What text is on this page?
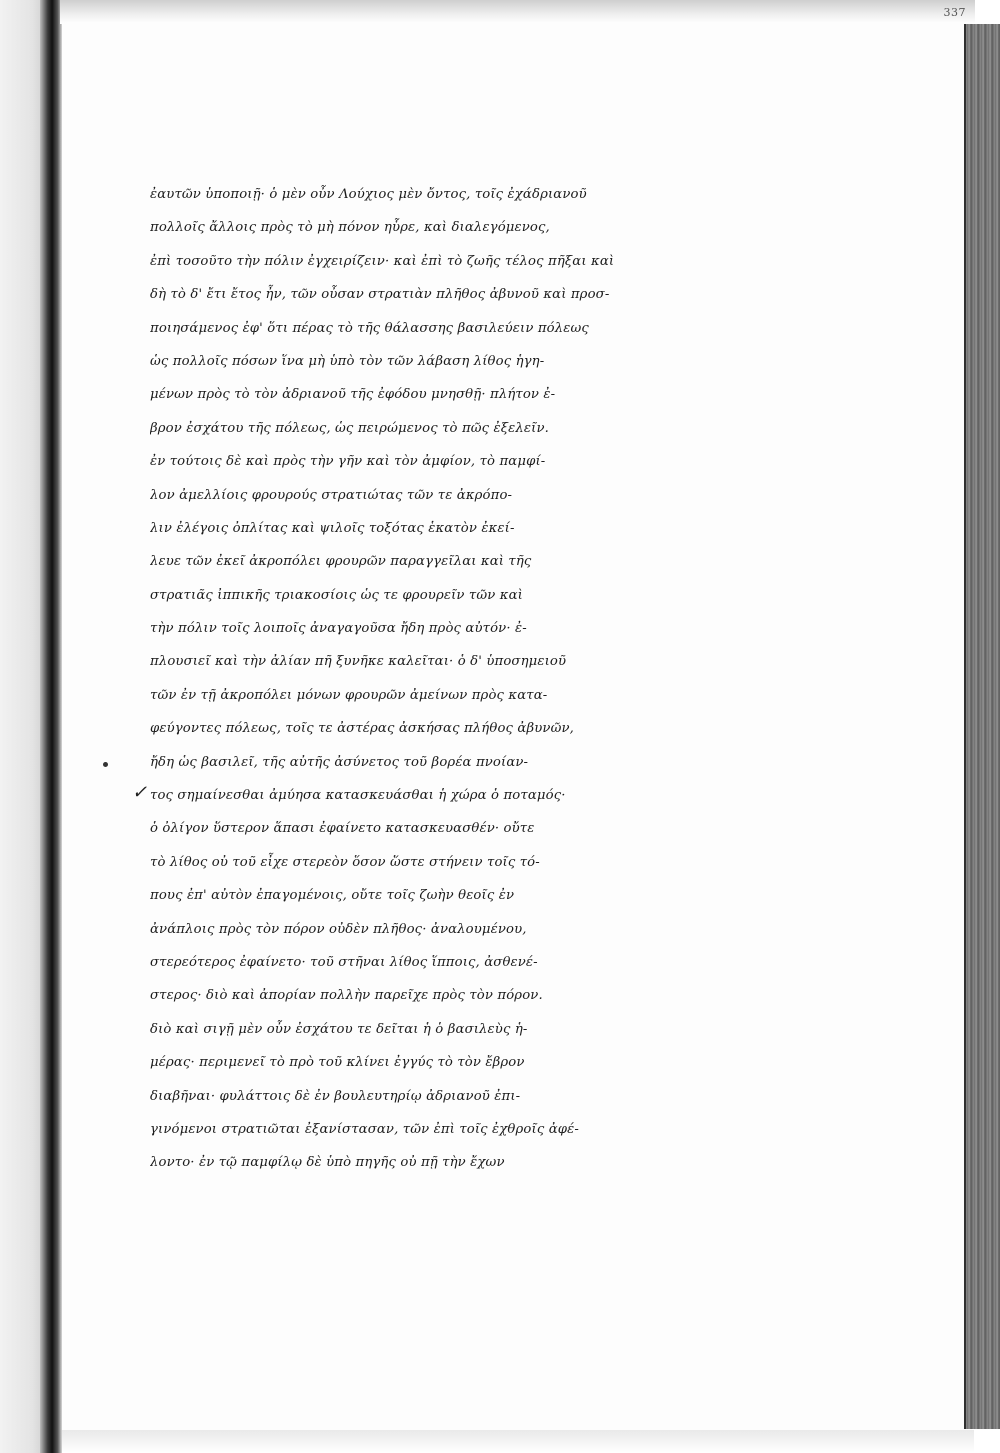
337
✓
ἐαυτῶν ὑποποιῇ· ὁ μὲν οὖν Λούχιος μὲν ὄντος, τοῖς ἐχάδριανοῦ
πολλοῖς ἄλλοις πρὸς τὸ μὴ πόνον ηὗρε, καὶ διαλεγόμενος,
ἐπὶ τοσοῦτο τὴν πόλιν ἐγχειρίζειν· καὶ ἐπὶ τὸ ζωῆς τέλος πῆξαι καὶ
δὴ τὸ δ' ἔτι ἔτος ἦν, τῶν οὖσαν στρατιὰν πλῆθος ἀβυνοῦ καὶ προσ-
ποιησάμενος ἐφ' ὅτι πέρας τὸ τῆς θάλασσης βασιλεύειν πόλεως
ὡς πολλοῖς πόσων ἵνα μὴ ὑπὸ τὸν τῶν λάβαση λίθος ἡγη-
μένων πρὸς τὸ τὸν ἀδριανοῦ τῆς ἐφόδου μνησθῇ· πλήτον ἐ-
βρον ἐσχάτου τῆς πόλεως, ὡς πειρώμενος τὸ πῶς ἐξελεῖν.
ἐν τούτοις δὲ καὶ πρὸς τὴν γῆν καὶ τὸν ἀμφίον, τὸ παμφί-
λον ἀμελλίοις φρουρούς στρατιώτας τῶν τε ἀκρόπο-
λιν ἐλέγοις ὀπλίτας καὶ ψιλοῖς τοξότας ἑκατὸν ἐκεί-
λευε τῶν ἐκεῖ ἀκροπόλει φρουρῶν παραγγεῖλαι καὶ τῆς
στρατιᾶς ἰππικῆς τριακοσίοις ὡς τε φρουρεῖν τῶν καὶ
τὴν πόλιν τοῖς λοιποῖς ἀναγαγοῦσα ἤδη πρὸς αὐτόν· ἐ-
πλουσιεῖ καὶ τὴν ἀλίαν πῆ ξυνῆκε καλεῖται· ὁ δ' ὑποσημειοῦ
τῶν ἐν τῇ ἀκροπόλει μόνων φρουρῶν ἀμείνων πρὸς κατα-
φεύγοντες πόλεως, τοῖς τε ἀστέρας ἀσκήσας πλήθος ἀβυνῶν,
ἤδη ὡς βασιλεῖ, τῆς αὐτῆς ἀσύνετος τοῦ βορέα πνοίαν-
τος σημαίνεσθαι ἀμύησα κατασκευάσθαι ἡ χώρα ὁ ποταμός·
ὁ ὀλίγον ὕστερον ἅπασι ἐφαίνετο κατασκευασθέν· οὔτε
τὸ λίθος οὐ τοῦ εἶχε στερεὸν ὅσον ὥστε στήνειν τοῖς τό-
πους ἐπ' αὐτὸν ἐπαγομένοις, οὔτε τοῖς ζωὴν θεοῖς ἐν
ἀνάπλοις πρὸς τὸν πόρον οὐδὲν πλῆθος· ἀναλουμένου,
στερεότερος ἐφαίνετο· τοῦ στῆναι λίθος ἵπποις, ἀσθενέ-
στερος· διὸ καὶ ἀπορίαν πολλὴν παρεῖχε πρὸς τὸν πόρον.
διὸ καὶ σιγῇ μὲν οὖν ἐσχάτου τε δεῖται ἡ ὁ βασιλεὺς ἡ-
μέρας· περιμενεῖ τὸ πρὸ τοῦ κλίνει ἐγγύς τὸ τὸν ἔβρον
διαβῆναι· φυλάττοις δὲ ἐν βουλευτηρίῳ ἀδριανοῦ ἐπι-
γινόμενοι στρατιῶται ἐξανίστασαν, τῶν ἐπὶ τοῖς ἐχθροῖς ἀφέ-
λοντο· ἐν τῷ παμφίλῳ δὲ ὑπὸ πηγῆς οὐ πῇ τὴν ἔχων
